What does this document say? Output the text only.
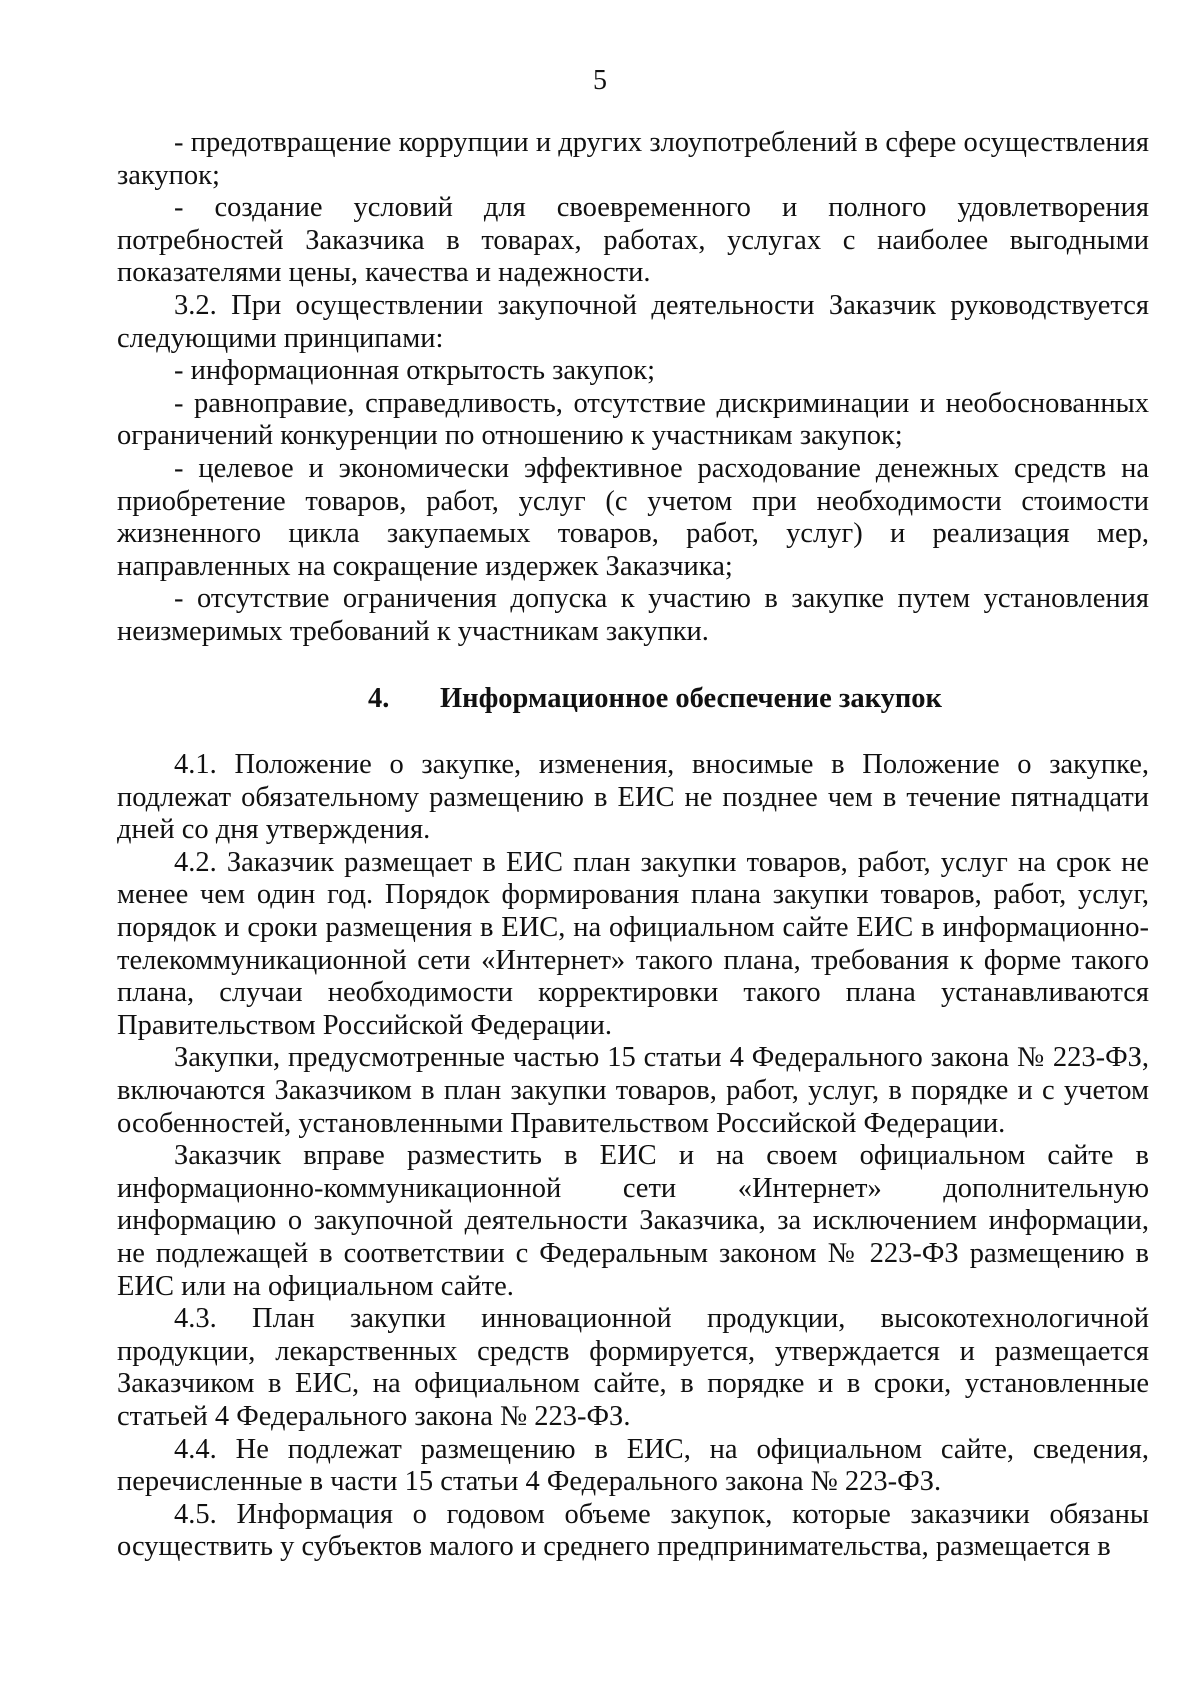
5

- предотвращение коррупции и других злоупотреблений в сфере осуществления закупок;

- создание условий для своевременного и полного удовлетворения потребностей Заказчика в товарах, работах, услугах с наиболее выгодными показателями цены, качества и надежности.

3.2. При осуществлении закупочной деятельности Заказчик руководствуется следующими принципами:

- информационная открытость закупок;

- равноправие, справедливость, отсутствие дискриминации и необоснованных ограничений конкуренции по отношению к участникам закупок;

- целевое и экономически эффективное расходование денежных средств на приобретение товаров, работ, услуг (с учетом при необходимости стоимости жизненного цикла закупаемых товаров, работ, услуг) и реализация мер, направленных на сокращение издержек Заказчика;

- отсутствие ограничения допуска к участию в закупке путем установления неизмеримых требований к участникам закупки.

4.	Информационное обеспечение закупок

4.1. Положение о закупке, изменения, вносимые в Положение о закупке, подлежат обязательному размещению в ЕИС не позднее чем в течение пятнадцати дней со дня утверждения.

4.2. Заказчик размещает в ЕИС план закупки товаров, работ, услуг на срок не менее чем один год. Порядок формирования плана закупки товаров, работ, услуг, порядок и сроки размещения в ЕИС, на официальном сайте ЕИС в информационно-телекоммуникационной сети «Интернет» такого плана, требования к форме такого плана, случаи необходимости корректировки такого плана устанавливаются Правительством Российской Федерации.

Закупки, предусмотренные частью 15 статьи 4 Федерального закона № 223-ФЗ, включаются Заказчиком в план закупки товаров, работ, услуг, в порядке и с учетом особенностей, установленными Правительством Российской Федерации.

Заказчик вправе разместить в ЕИС и на своем официальном сайте в информационно-коммуникационной сети «Интернет» дополнительную информацию о закупочной деятельности Заказчика, за исключением информации, не подлежащей в соответствии с Федеральным законом № 223-ФЗ размещению в ЕИС или на официальном сайте.

4.3. План закупки инновационной продукции, высокотехнологичной продукции, лекарственных средств формируется, утверждается и размещается Заказчиком в ЕИС, на официальном сайте, в порядке и в сроки, установленные статьей 4 Федерального закона № 223-ФЗ.

4.4. Не подлежат размещению в ЕИС, на официальном сайте, сведения, перечисленные в части 15 статьи 4 Федерального закона № 223-ФЗ.

4.5. Информация о годовом объеме закупок, которые заказчики обязаны осуществить у субъектов малого и среднего предпринимательства, размещается в
